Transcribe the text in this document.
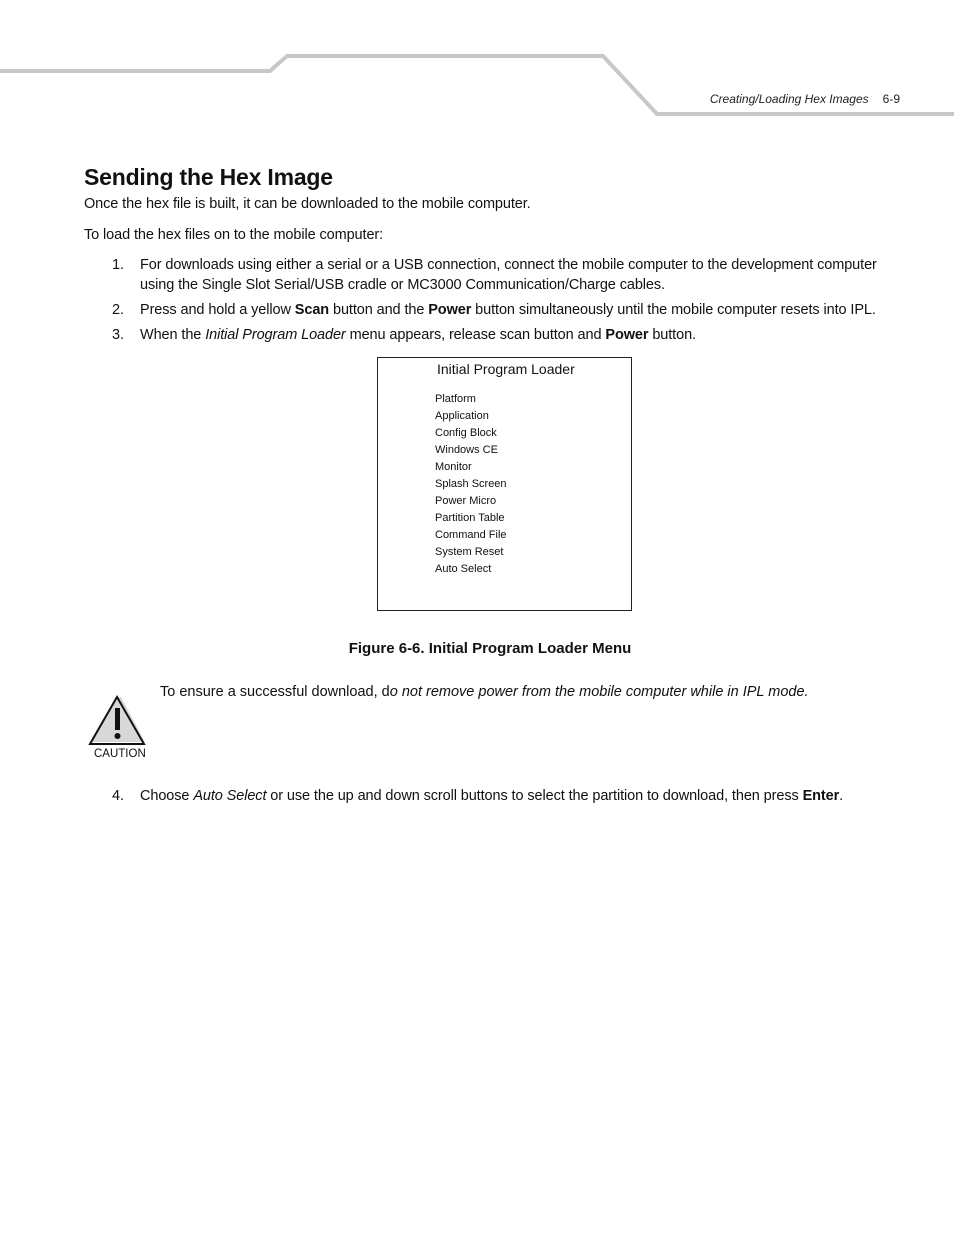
Creating/Loading Hex Images 6-9
Sending the Hex Image

Once the hex file is built, it can be downloaded to the mobile computer.

To load the hex files on to the mobile computer:

1. For downloads using either a serial or a USB connection, connect the mobile computer to the development computer using the Single Slot Serial/USB cradle or MC3000 Communication/Charge cables.
2. Press and hold a yellow Scan button and the Power button simultaneously until the mobile computer resets into IPL.
3. When the Initial Program Loader menu appears, release scan button and Power button.
Initial Program Loader
Platform
Application
Config Block
Windows CE
Monitor
Splash Screen
Power Micro
Partition Table
Command File
System Reset
Auto Select
Figure 6-6. Initial Program Loader Menu
CAUTION
To ensure a successful download, do not remove power from the mobile computer while in IPL mode.
4. Choose Auto Select or use the up and down scroll buttons to select the partition to download, then press Enter.
